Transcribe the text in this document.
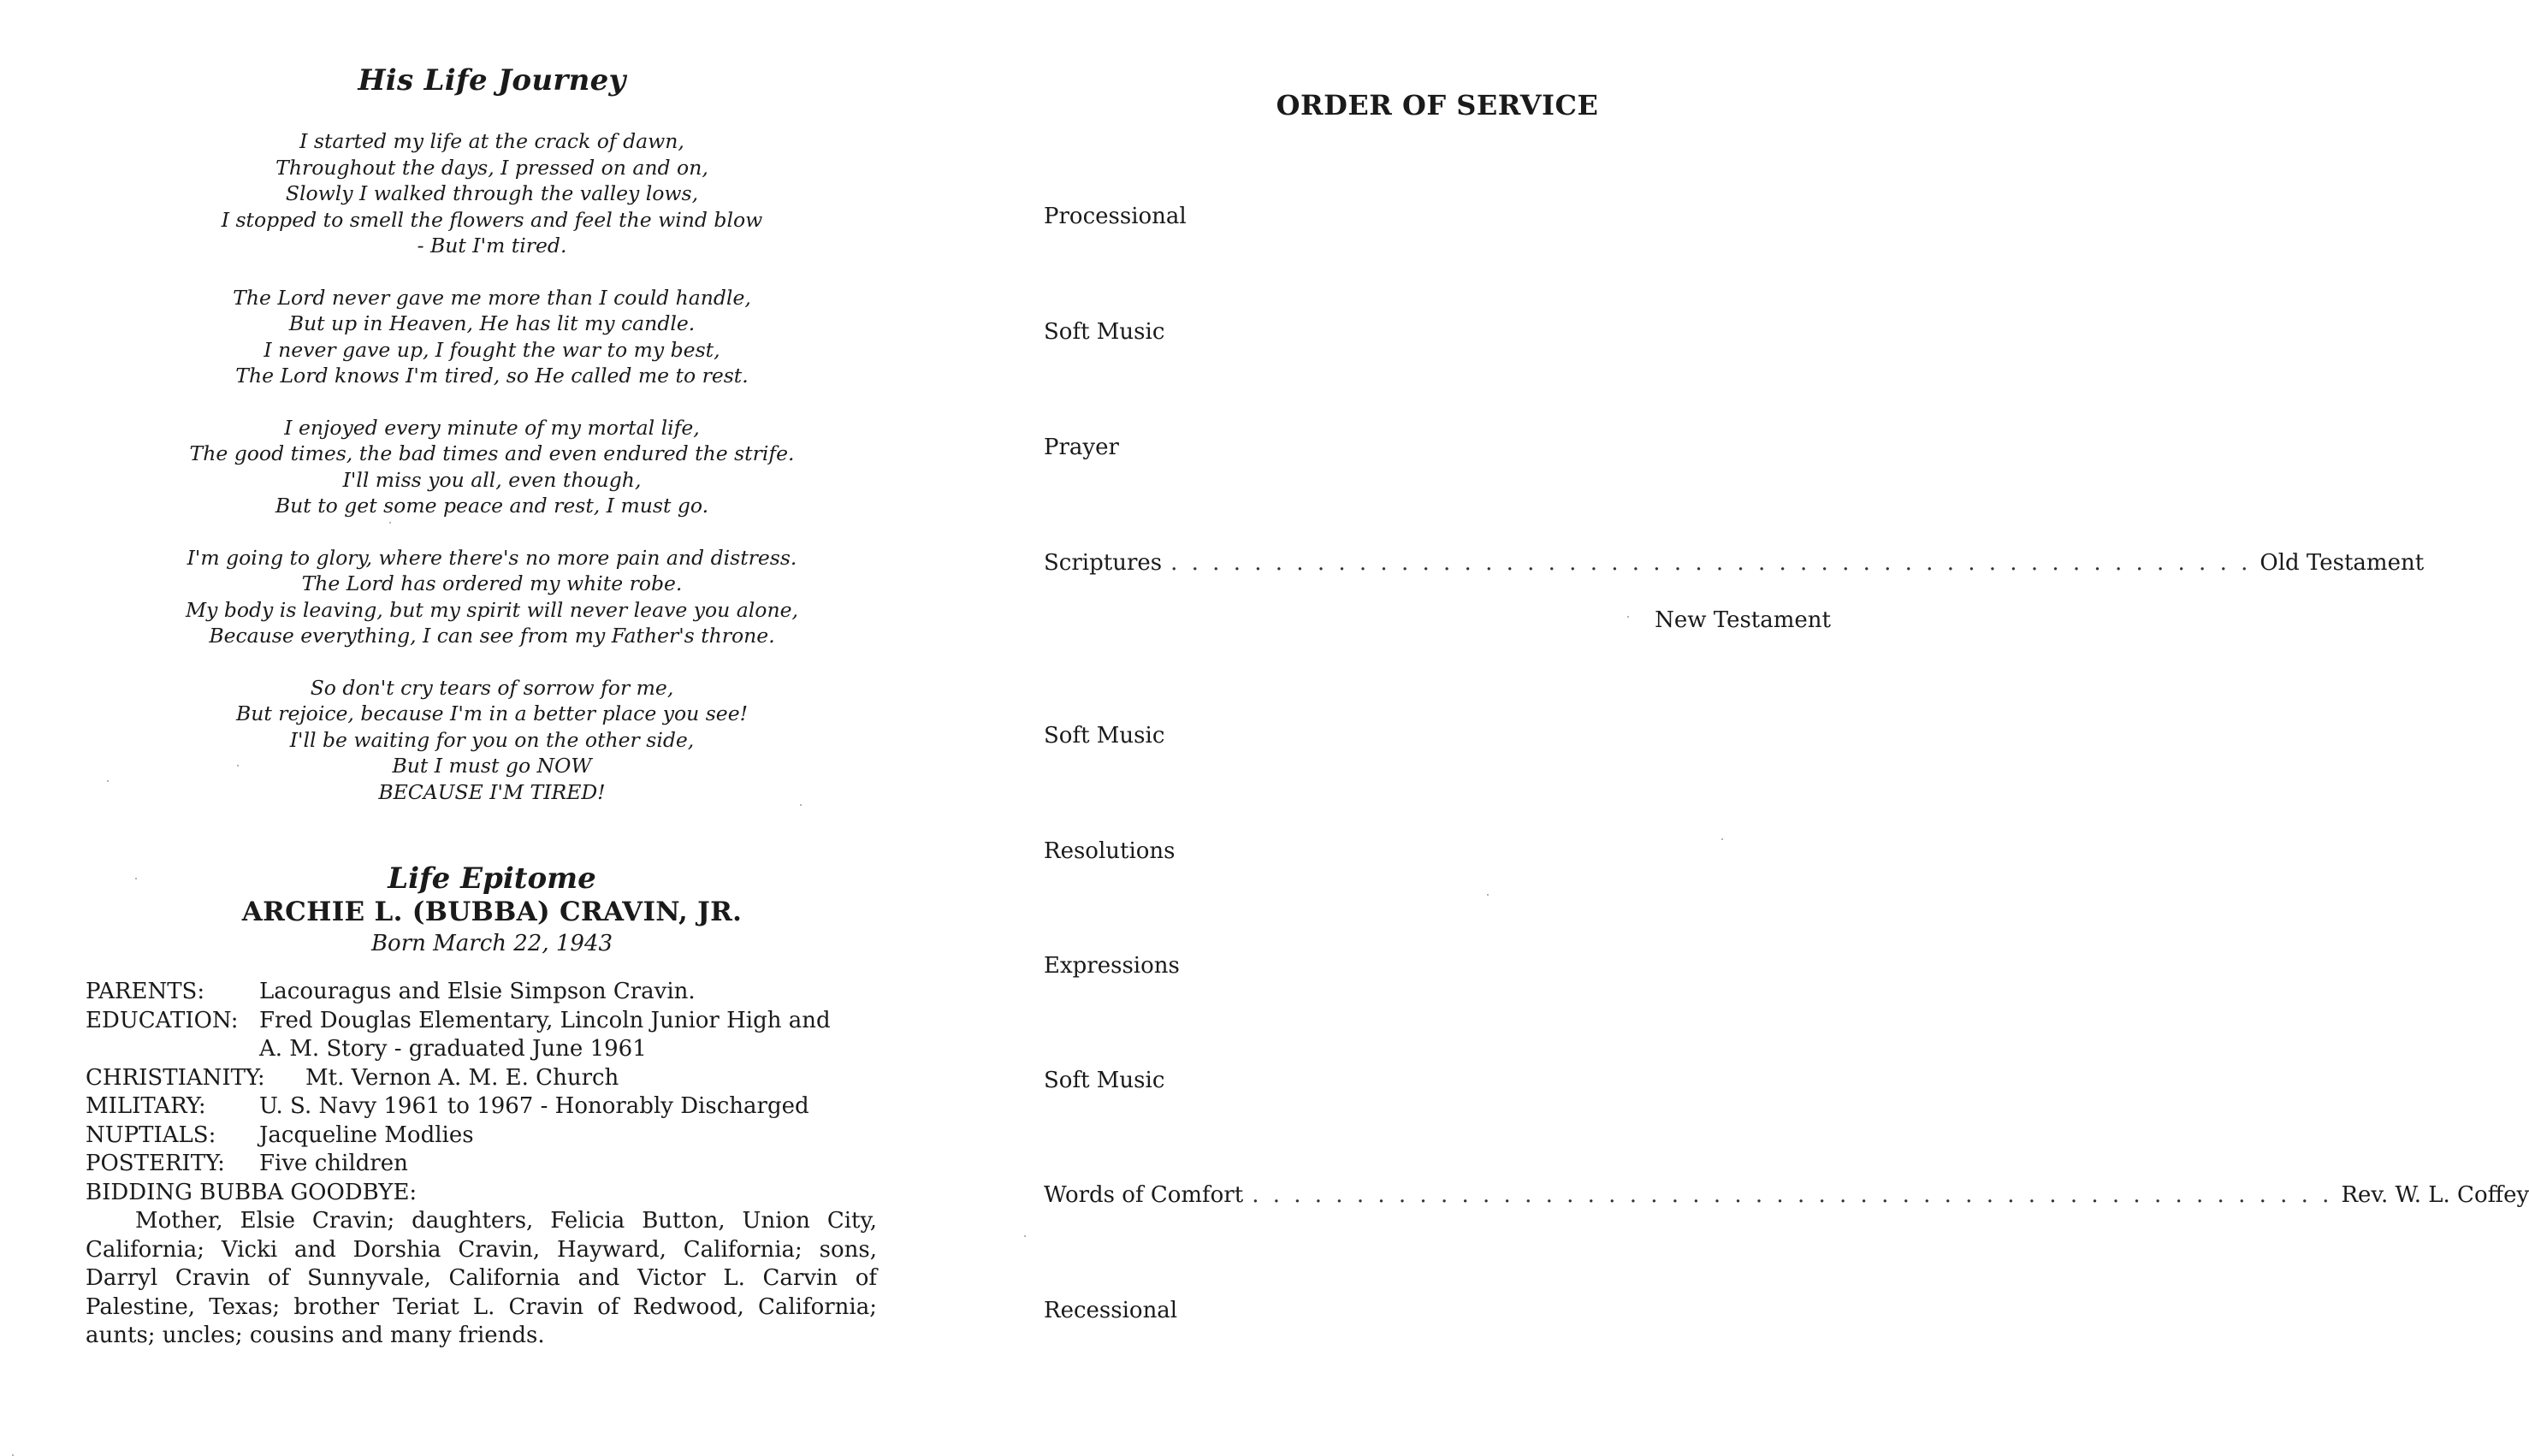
His Life Journey
I started my life at the crack of dawn,
Throughout the days, I pressed on and on,
Slowly I walked through the valley lows,
I stopped to smell the flowers and feel the wind blow
- But I'm tired.
The Lord never gave me more than I could handle,
But up in Heaven, He has lit my candle.
I never gave up, I fought the war to my best,
The Lord knows I'm tired, so He called me to rest.
I enjoyed every minute of my mortal life,
The good times, the bad times and even endured the strife.
I'll miss you all, even though,
But to get some peace and rest, I must go.
I'm going to glory, where there's no more pain and distress.
The Lord has ordered my white robe.
My body is leaving, but my spirit will never leave you alone,
Because everything, I can see from my Father's throne.
So don't cry tears of sorrow for me,
But rejoice, because I'm in a better place you see!
I'll be waiting for you on the other side,
But I must go NOW
BECAUSE I'M TIRED!
Life Epitome
ARCHIE L. (BUBBA) CRAVIN, JR.
Born March 22, 1943
PARENTS:	Lacouragus and Elsie Simpson Cravin.
EDUCATION: Fred Douglas Elementary, Lincoln Junior High and
A. M. Story - graduated June 1961
CHRISTIANITY:	Mt. Vernon A. M. E. Church
MILITARY:	U. S. Navy 1961 to 1967 - Honorably Discharged
NUPTIALS:	Jacqueline Modlies
POSTERITY:	Five children
BIDDING BUBBA GOODBYE:
Mother, Elsie Cravin; daughters, Felicia Button, Union City, California; Vicki and Dorshia Cravin, Hayward, California; sons, Darryl Cravin of Sunnyvale, California and Victor L. Carvin of Palestine, Texas; brother Teriat L. Cravin of Redwood, California; aunts; uncles; cousins and many friends.
ORDER OF SERVICE
Processional
Soft Music
Prayer
Scriptures . . . . . . . . . . . . . . . . . . . . . . . . . . . . . . . . . . . . . . . . . . . . . . . . . . . . Old Testament
New Testament
Soft Music
Resolutions
Expressions
Soft Music
Words of Comfort . . . . . . . . . . . . . . . . . . . . . . . . . . . . . . . . . . . . . . . . . . . . . . . . . . . . Rev. W. L. Coffey
Recessional
